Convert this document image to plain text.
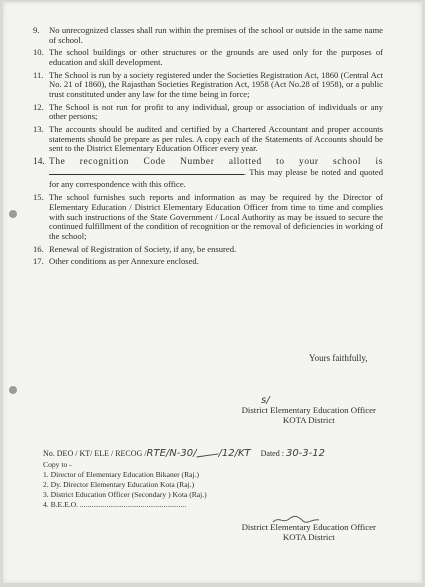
9.	No unrecognized classes shall run within the premises of the school or outside in the same name of school.
10. The school buildings or other structures or the grounds are used only for the purposes of education and skill development.
11. The School is run by a society registered under the Societies Registration Act, 1860 (Central Act No. 21 of 1860), the Rajasthan Societies Registration Act, 1958 (Act No.28 of 1958), or a public trust constituted under any law for the time being in force;
12. The School is not run for profit to any individual, group or association of individuals or any other persons;
13. The accounts should be audited and certified by a Chartered Accountant and proper accounts statements should be prepare as per rules. A copy each of the Statements of Accounts should be sent to the District Elementary Education Officer every year.
14. The recognition Code Number allotted to your school is . This may please be noted and quoted for any correspondence with this office.
15. The school furnishes such reports and information as may be required by the Director of Elementary Education / District Elementary Education Officer from time to time and complies with such instructions of the State Government / Local Authority as may be issued to secure the continued fulfillment of the condition of recognition or the removal of deficiencies in working of the school;
16. Renewal of Registration of Society, if any, be ensured.
17. Other conditions as per Annexure enclosed.
Yours faithfully,
s/
District Elementary Education Officer
KOTA District
No. DEO / KT/ ELE / RECOG /RTE/N-30/ /12/KT Dated : 30-3-12
Copy to -
1. Director of Elementary Education Bikaner (Raj.)
2. Dy. Director Elementary Education Kota (Raj.)
3. District Education Officer (Secondary ) Kota (Raj.)
4. B.E.E.O. ........................................................
District Elementary Education Officer
KOTA District
